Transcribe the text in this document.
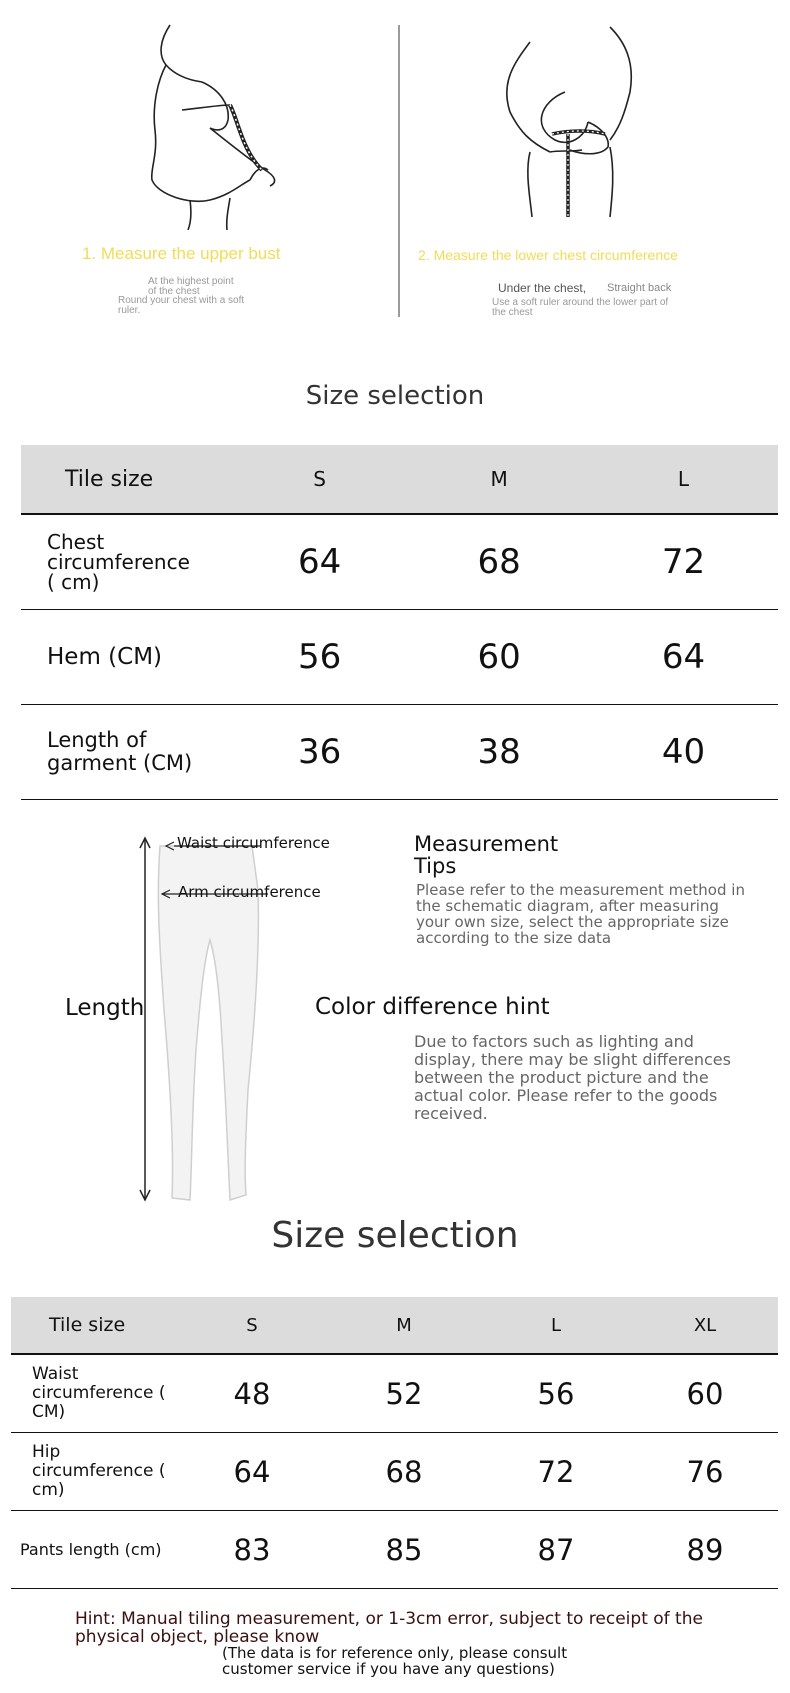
1. Measure the upper bust
At the highest point
of the chest
Round your chest with a soft
ruler.
2. Measure the lower chest circumference
Under the chest, Straight back
Use a soft ruler around the lower part of
the chest
Size selection
Tile size	S	M	L
Chest circumference ( cm)	64	68	72
Hem (CM)	56	60	64
Length of garment (CM)	36	38	40
Waist circumference
Arm circumference
Length
Measurement Tips
Please refer to the measurement method in the schematic diagram, after measuring your own size, select the appropriate size according to the size data
Color difference hint
Due to factors such as lighting and display, there may be slight differences between the product picture and the actual color. Please refer to the goods received.
Size selection
Tile size	S	M	L	XL
Waist circumference ( CM)	48	52	56	60
Hip circumference ( cm)	64	68	72	76
Pants length (cm)	83	85	87	89
Hint: Manual tiling measurement, or 1-3cm error, subject to receipt of the physical object, please know
(The data is for reference only, please consult customer service if you have any questions)
